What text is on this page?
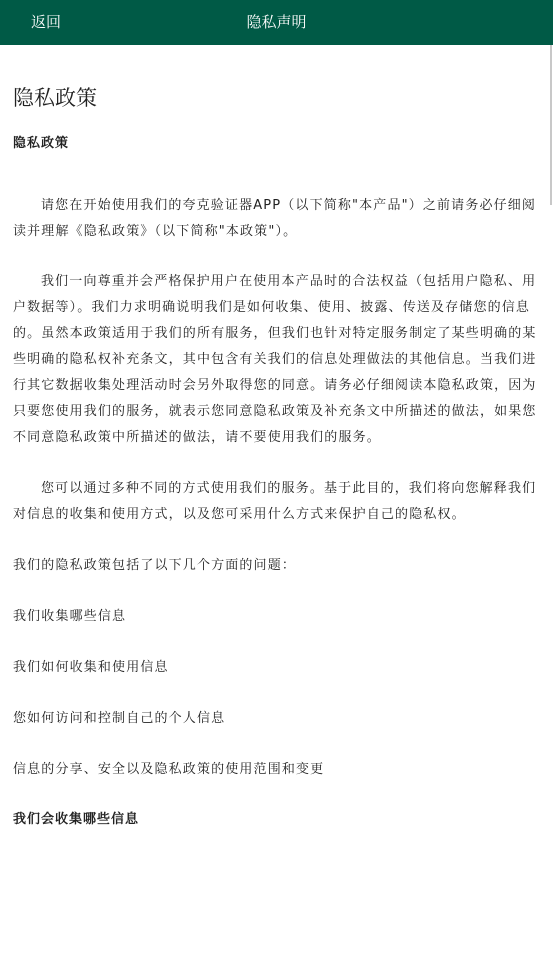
返回	隐私声明
隐私政策
隐私政策

请您在开始使用我们的夸克验证器APP（以下简称"本产品"）之前请务必仔细阅读并理解《隐私政策》（以下简称"本政策"）。

我们一向尊重并会严格保护用户在使用本产品时的合法权益（包括用户隐私、用户数据等）。我们力求明确说明我们是如何收集、使用、披露、传送及存储您的信息的。虽然本政策适用于我们的所有服务，但我们也针对特定服务制定了某些明确的某些明确的隐私权补充条文，其中包含有关我们的信息处理做法的其他信息。当我们进行其它数据收集处理活动时会另外取得您的同意。请务必仔细阅读本隐私政策，因为只要您使用我们的服务，就表示您同意隐私政策及补充条文中所描述的做法，如果您不同意隐私政策中所描述的做法，请不要使用我们的服务。

您可以通过多种不同的方式使用我们的服务。基于此目的，我们将向您解释我们对信息的收集和使用方式，以及您可采用什么方式来保护自己的隐私权。

我们的隐私政策包括了以下几个方面的问题：

我们收集哪些信息

我们如何收集和使用信息

您如何访问和控制自己的个人信息

信息的分享、安全以及隐私政策的使用范围和变更

我们会收集哪些信息
